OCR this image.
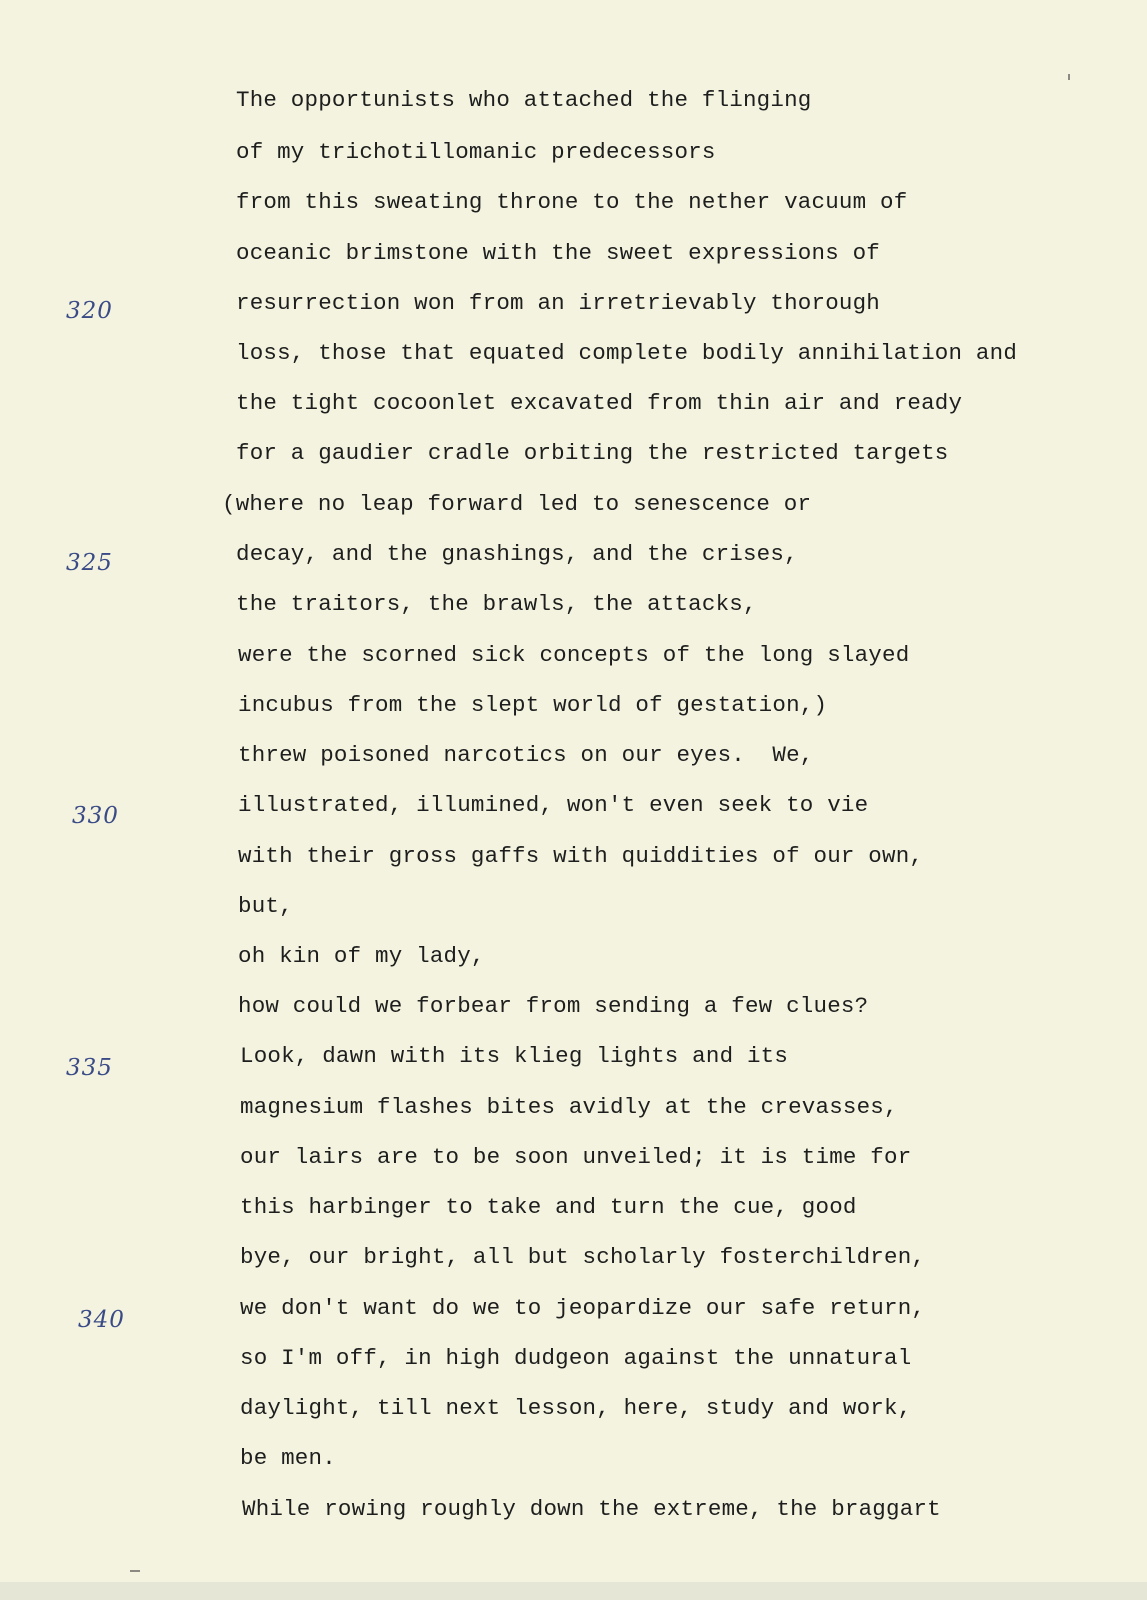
320
325
330
335
340
The opportunists who attached the flinging
of my trichotillomanic predecessors
from this sweating throne to the nether vacuum of
oceanic brimstone with the sweet expressions of
resurrection won from an irretrievably thorough
loss, those that equated complete bodily annihilation and
the tight cocoonlet excavated from thin air and ready
for a gaudier cradle orbiting the restricted targets
(where no leap forward led to senescence or
decay, and the gnashings, and the crises,
the traitors, the brawls, the attacks,
were the scorned sick concepts of the long slayed
incubus from the slept world of gestation,)
threw poisoned narcotics on our eyes.  We,
illustrated, illumined, won't even seek to vie
with their gross gaffs with quiddities of our own,
but,
oh kin of my lady,
how could we forbear from sending a few clues?
Look, dawn with its klieg lights and its
magnesium flashes bites avidly at the crevasses,
our lairs are to be soon unveiled; it is time for
this harbinger to take and turn the cue, good
bye, our bright, all but scholarly fosterchildren,
we don't want do we to jeopardize our safe return,
so I'm off, in high dudgeon against the unnatural
daylight, till next lesson, here, study and work,
be men.
While rowing roughly down the extreme, the braggart
